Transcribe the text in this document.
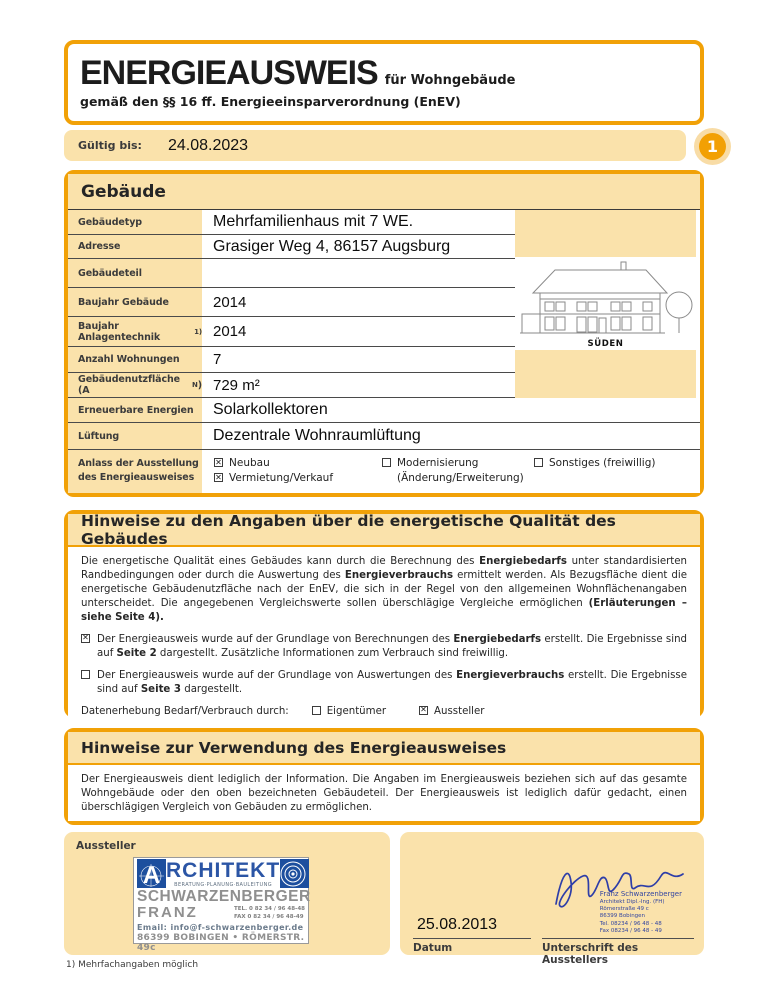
ENERGIEAUSWEIS für Wohngebäude
gemäß den §§ 16 ff. Energieeinsparverordnung (EnEV)
Gültig bis: 24.08.2023	1
Gebäude
Gebäudetyp	Mehrfamilienhaus mit 7 WE.
Adresse	Grasiger Weg 4, 86157 Augsburg
Gebäudeteil
Baujahr Gebäude	2014
Baujahr Anlagentechnik	1) 2014
Anzahl Wohnungen	7
Gebäudenutzfläche (A	N ) 729 m²
SÜDEN
Erneuerbare Energien	Solarkollektoren
Lüftung	Dezentrale Wohnraumlüftung
Anlass der Ausstellung
des Energieausweises
✕ Neubau
✕ Vermietung/Verkauf
Modernisierung
(Änderung/Erweiterung)
Sonstiges (freiwillig)
Hinweise zu den Angaben über die energetische Qualität des Gebäudes
Die energetische Qualität eines Gebäudes kann durch die Berechnung des Energiebedarfs unter standardisierten Randbedingungen oder durch die Auswertung des Energieverbrauchs ermittelt werden. Als Bezugsfläche dient die energetische Gebäudenutzfläche nach der EnEV, die sich in der Regel von den allgemeinen Wohnflächenangaben unterscheidet. Die angegebenen Vergleichswerte sollen überschlägige Vergleiche ermöglichen (Erläuterungen – siehe Seite 4).
✕ Der Energieausweis wurde auf der Grundlage von Berechnungen des Energiebedarfs erstellt. Die Ergebnisse sind auf Seite 2 dargestellt. Zusätzliche Informationen zum Verbrauch sind freiwillig.
Der Energieausweis wurde auf der Grundlage von Auswertungen des Energieverbrauchs erstellt. Die Ergebnisse sind auf Seite 3 dargestellt.
Datenerhebung Bedarf/Verbrauch durch:	Eigentümer	✕ Aussteller
Hinweise zur Verwendung des Energieausweises
Der Energieausweis dient lediglich der Information. Die Angaben im Energieausweis beziehen sich auf das gesamte Wohngebäude oder den oben bezeichneten Gebäudeteil. Der Energieausweis ist lediglich dafür gedacht, einen überschlägigen Vergleich von Gebäuden zu ermöglichen.
Aussteller
A RCHITEKT
BERATUNG·PLANUNG·BAULEITUNG
SCHWARZENBERGER
FRANZ	TEL. 0 82 34 / 96 48-48
FAX 0 82 34 / 96 48-49
Email: info@f-schwarzenberger.de
86399 BOBINGEN • RÖMERSTR. 49c
25.08.2013
Datum
Franz Schwarzenberger
Architekt Dipl.-Ing. (FH)
Römerstraße 49 c
86399 Bobingen
Tel. 08234 / 96 48 - 48
Fax 08234 / 96 48 - 49
Unterschrift des Ausstellers
1) Mehrfachangaben möglich
